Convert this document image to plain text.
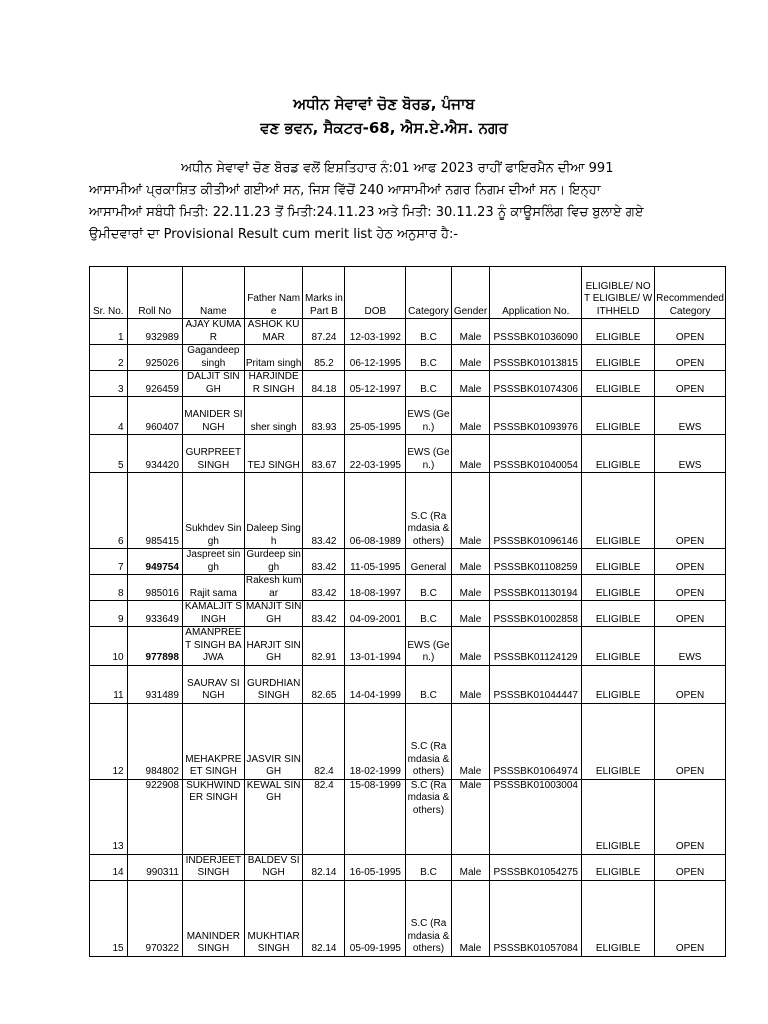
ਅਧੀਨ ਸੇਵਾਵਾਂ ਚੋਣ ਬੋਰਡ, ਪੰਜਾਬ
ਵਣ ਭਵਨ, ਸੈਕਟਰ-68, ਐਸ.ਏ.ਐਸ. ਨਗਰ
ਅਧੀਨ ਸੇਵਾਵਾਂ ਚੋਣ ਬੋਰਡ ਵਲੋਂ ਇਸ਼ਤਿਹਾਰ ਨੰ:01 ਆਫ 2023 ਰਾਹੀਂ ਫਾਇਰਮੈਨ ਦੀਆ 991
ਆਸਾਮੀਆਂ ਪ੍ਰਕਾਸ਼ਿਤ ਕੀਤੀਆਂ ਗਈਆਂ ਸਨ, ਜਿਸ ਵਿੱਚੋਂ 240 ਆਸਾਮੀਆਂ ਨਗਰ ਨਿਗਮ ਦੀਆਂ ਸਨ। ਇਨ੍ਹਾ
ਆਸਾਮੀਆਂ ਸਬੰਧੀ ਮਿਤੀ: 22.11.23 ਤੋਂ ਮਿਤੀ:24.11.23 ਅਤੇ ਮਿਤੀ: 30.11.23 ਨੂੰ ਕਾਊਸਲਿੰਗ ਵਿਚ ਬੁਲਾਏ ਗਏ
ਉਮੀਦਵਾਰਾਂ ਦਾ Provisional Result cum merit list ਹੇਠ ਅਨੁਸਾਰ ਹੈ:-
Sr. No.	Roll No	Name	Father Name	Marks in Part B	DOB	Category	Gender	Application No.	ELIGIBLE/ NOT ELIGIBLE/ WITHHELD	Recommended Category
1	932989	AJAY KUMAR	ASHOK KUMAR	87.24	12-03-1992	B.C	Male	PSSSBK01036090	ELIGIBLE	OPEN
2	925026	Gagandeep singh	Pritam singh	85.2	06-12-1995	B.C	Male	PSSSBK01013815	ELIGIBLE	OPEN
3	926459	DALJIT SINGH	HARJINDER SINGH	84.18	05-12-1997	B.C	Male	PSSSBK01074306	ELIGIBLE	OPEN
4	960407	MANIDER SINGH	sher singh	83.93	25-05-1995	EWS (Gen.)	Male	PSSSBK01093976	ELIGIBLE	EWS
5	934420	GURPREET SINGH	TEJ SINGH	83.67	22-03-1995	EWS (Gen.)	Male	PSSSBK01040054	ELIGIBLE	EWS
6	985415	Sukhdev Singh	Daleep Singh	83.42	06-08-1989	S.C (Ramdasia & others)	Male	PSSSBK01096146	ELIGIBLE	OPEN
7	949754	Jaspreet singh	Gurdeep singh	83.42	11-05-1995	General	Male	PSSSBK01108259	ELIGIBLE	OPEN
8	985016	Rajit sama	Rakesh kumar	83.42	18-08-1997	B.C	Male	PSSSBK01130194	ELIGIBLE	OPEN
9	933649	KAMALJIT SINGH	MANJIT SINGH	83.42	04-09-2001	B.C	Male	PSSSBK01002858	ELIGIBLE	OPEN
10	977898	AMANPREET SINGH BAJWA	HARJIT SINGH	82.91	13-01-1994	EWS (Gen.)	Male	PSSSBK01124129	ELIGIBLE	EWS
11	931489	SAURAV SINGH	GURDHIAN SINGH	82.65	14-04-1999	B.C	Male	PSSSBK01044447	ELIGIBLE	OPEN
12	984802	MEHAKPREET SINGH	JASVIR SINGH	82.4	18-02-1999	S.C (Ramdasia & others)	Male	PSSSBK01064974	ELIGIBLE	OPEN
13	922908	SUKHWINDER SINGH	KEWAL SINGH	82.4	15-08-1999	S.C (Ramdasia & others)	Male	PSSSBK01003004	ELIGIBLE	OPEN
14	990311	INDERJEET SINGH	BALDEV SINGH	82.14	16-05-1995	B.C	Male	PSSSBK01054275	ELIGIBLE	OPEN
15	970322	MANINDER SINGH	MUKHTIAR SINGH	82.14	05-09-1995	S.C (Ramdasia & others)	Male	PSSSBK01057084	ELIGIBLE	OPEN
